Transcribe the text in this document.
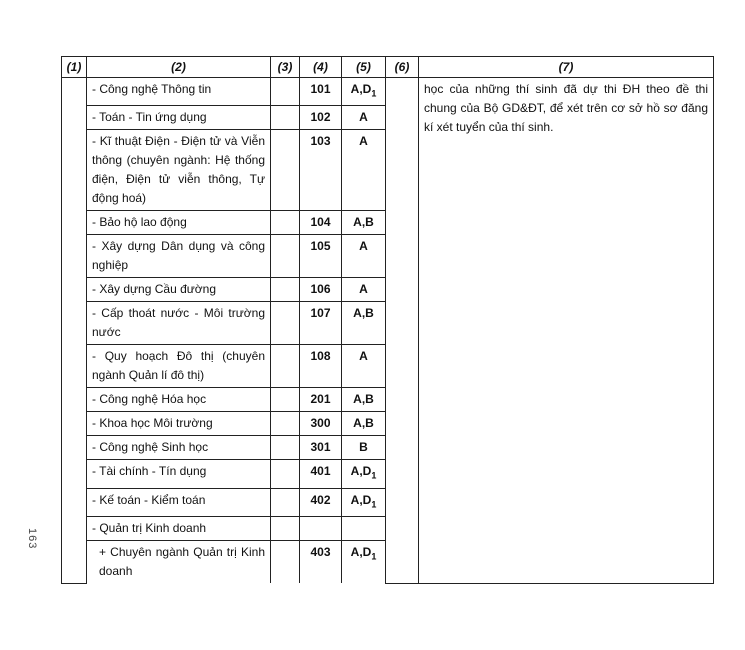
(1)	(2)	(3)	(4)	(5)	(6)	(7)
	- Công nghệ Thông tin		101	$A,D_1$		học của những thí sinh đã dự thi ĐH theo đề thi chung của Bộ GD&ĐT, để xét trên cơ sở hồ sơ đăng kí xét tuyển của thí sinh.
	- Toán - Tin ứng dụng		102	A		
	- Kĩ thuật Điện - Điện tử và Viễn thông (chuyên ngành: Hệ thống điện, Điện tử viễn thông, Tự động hoá)		103	A		
	- Bảo hộ lao động		104	A,B		
	- Xây dựng Dân dụng và công nghiệp		105	A		
	- Xây dựng Cầu đường		106	A		
	- Cấp thoát nước - Môi trường nước		107	A,B		
	- Quy hoạch Đô thị (chuyên ngành Quản lí đô thị)		108	A		
	- Công nghệ Hóa học		201	A,B		
	- Khoa học Môi trường		300	A,B		
	- Công nghệ Sinh học		301	B		
	- Tài chính - Tín dụng		401	$A,D_1$
	- Kế toán - Kiểm toán		402	$A,D_1$
	- Quản trị Kinh doanh					
	+ Chuyên ngành Quản trị Kinh doanh		403	$A,D_1$
163
